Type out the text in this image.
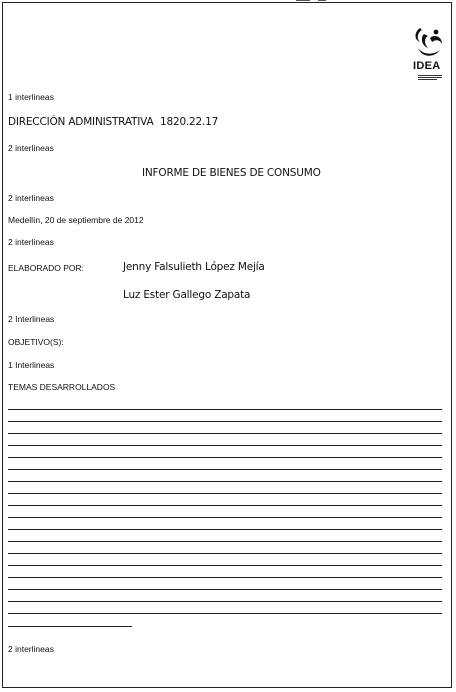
IDEA
1 interlineas
DIRECCIÓN ADMINISTRATIVA 1820.22.17
2 interlineas
INFORME DE BIENES DE CONSUMO
2 interlineas
Medellín, 20 de septiembre de 2012
2 interlineas
ELABORADO POR:	Jenny Falsulieth López Mejía
Luz Ester Gallego Zapata
2 Interlineas
OBJETIVO(S):
1 Interlineas
TEMAS DESARROLLADOS
2 interlineas
